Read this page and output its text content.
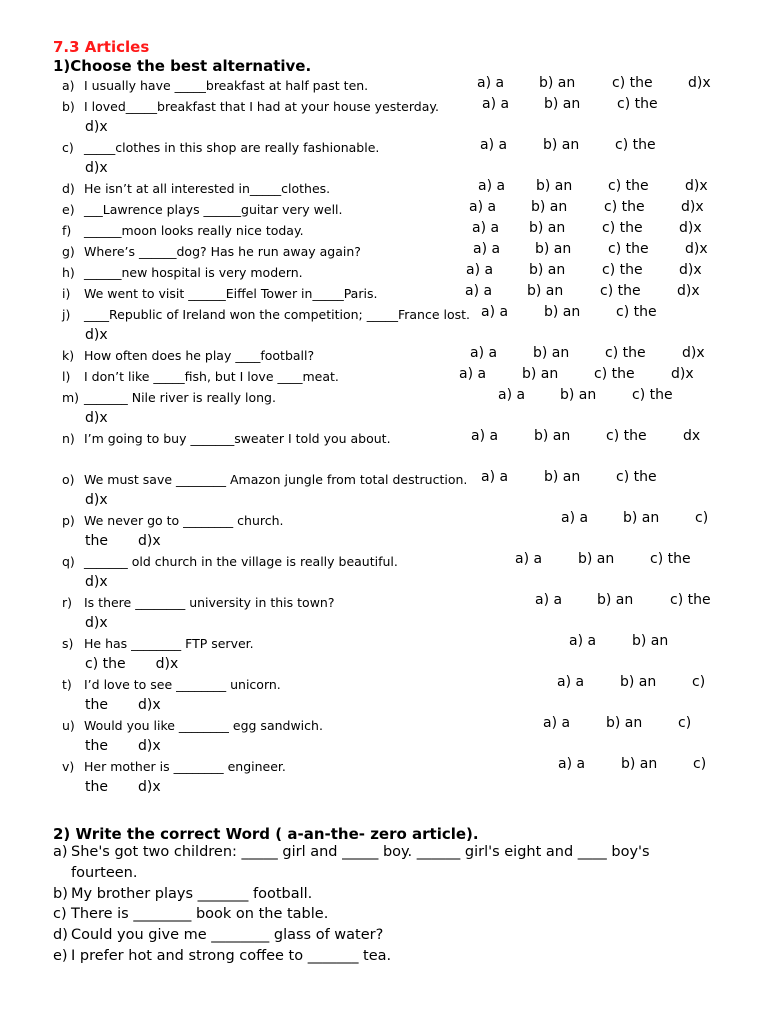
7.3 Articles
1)Choose the best alternative.
a) I usually have _____breakfast at half past ten.	a) a b) an	c) the	d)x
b) I loved_____breakfast that I had at your house yesterday.	a) a b) an	c) the
d)x
c) _____clothes in this shop are really fashionable.	a) a	b) an	c) the
d)x
d) He isn’t at all interested in_____clothes.	a) a b) an	c) the	d)x
e) ___Lawrence plays ______guitar very well.	a) a b) an	c) the	d)x
f) ______moon looks really nice today.	a) a b) an	c) the	d)x
g) Where’s ______dog? Has he run away again?	a) a b) an	c) the	d)x
h) ______new hospital is very modern.	a) a	b) an	c) the	d)x
i) We went to visit ______Eiffel Tower in_____Paris.	a) a b) an	c) the	d)x
j) ____Republic of Ireland won the competition; _____France lost. a) a	b) an	c) the
d)x
k) How often does he play ____football?	a) a	b) an	c) the	d)x
l) I don’t like _____fish, but I love ____meat.	a) a	b) an	c) the	d)x
m) _______ Nile river is really long.	a) a b) an	c) the
d)x
n) I’m going to buy _______sweater I told you about.	a) a	b) an	c) the	dx
o) We must save ________ Amazon jungle from total destruction. a) a	b) an	c) the
d)x
p) We never go to ________ church.	a) a b) an	c)
the d)x
q) _______ old church in the village is really beautiful.	a) a	b) an	c) the
d)x
r) Is there ________ university in this town?	a) a b) an	c) the
d)x
s) He has ________ FTP server.	a) a	b) an
c) the d)x
t) I’d love to see ________ unicorn.	a) a	b) an	c)
the d)x
u) Would you like ________ egg sandwich.	a) a	b) an	c)
the d)x
v) Her mother is ________ engineer.	a) a	b) an	c)
the d)x
2) Write the correct Word ( a-an-the- zero article).
a) She's got two children: _____ girl and _____ boy. ______ girl's eight and ____ boy's
fourteen.
b) My brother plays _______ football.
c) There is ________ book on the table.
d) Could you give me ________ glass of water?
e) I prefer hot and strong coffee to _______ tea.
